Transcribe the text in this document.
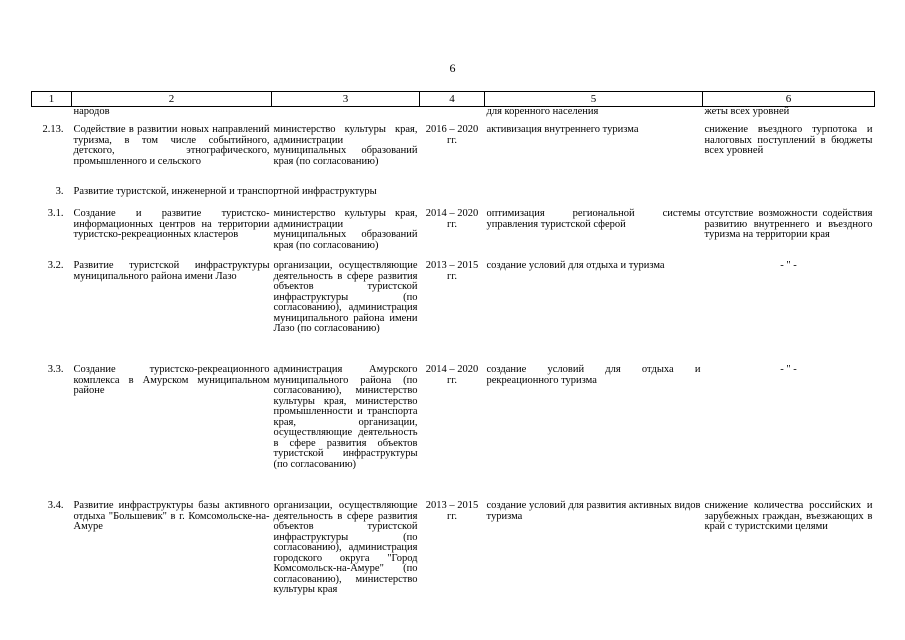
6
1	2	3	4	5	6
	народов			для коренного населения	жеты всех уровней
2.13.	Содействие в развитии новых направлений туризма, в том числе событийного, детского, этнографического, промышленного и сельского	министерство культуры края, администрации муниципальных образований края (по согласованию)	2016 – 2020 гг.	активизация внутреннего туризма	снижение въездного турпотока и налоговых поступлений в бюджеты всех уровней
3.	Развитие туристской, инженерной и транспортной инфраструктуры				
3.1.	Создание и развитие туристско-информационных центров на территории туристско-рекреационных кластеров	министерство культуры края, администрации муниципальных образований края (по согласованию)	2014 – 2020 гг.	оптимизация региональной системы управления туристской сферой	отсутствие возможности содействия развитию внутреннего и въездного туризма на территории края
3.2.	Развитие туристской инфраструктуры муниципального района имени Лазо	организации, осуществляющие деятельность в сфере развития объектов туристской инфраструктуры (по согласованию), администрация муниципального района имени Лазо (по согласованию)	2013 – 2015 гг.	создание условий для отдыха и туризма	- " -
3.3.	Создание туристско-рекреационного комплекса в Амурском муниципальном районе	администрация Амурского муниципального района (по согласованию), министерство культуры края, министерство промышленности и транспорта края, организации, осуществляющие деятельность в сфере развития объектов туристской инфраструктуры (по согласованию)	2014 – 2020 гг.	создание условий для отдыха и рекреационного туризма	- " -
3.4.	Развитие инфраструктуры базы активного отдыха "Большевик" в г. Комсомольске-на-Амуре	организации, осуществляющие деятельность в сфере развития объектов туристской инфраструктуры (по согласованию), администрация городского округа "Город Комсомольск-на-Амуре" (по согласованию), министерство культуры края	2013 – 2015 гг.	создание условий для развития активных видов туризма	снижение количества российских и зарубежных граждан, въезжающих в край с туристскими целями
